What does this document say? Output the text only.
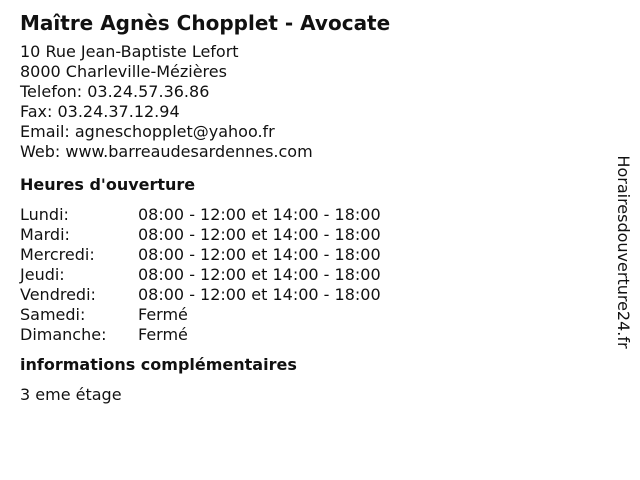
Maître Agnès Chopplet - Avocate
10 Rue Jean-Baptiste Lefort
8000 Charleville-Mézières
Telefon: 03.24.57.36.86
Fax: 03.24.37.12.94
Email: agneschopplet@yahoo.fr
Web: www.barreaudesardennes.com
Heures d'ouverture
Lundi:	08:00 - 12:00 et 14:00 - 18:00
Mardi:	08:00 - 12:00 et 14:00 - 18:00
Mercredi:	08:00 - 12:00 et 14:00 - 18:00
Jeudi:	08:00 - 12:00 et 14:00 - 18:00
Vendredi:	08:00 - 12:00 et 14:00 - 18:00
Samedi:	Fermé
Dimanche:	Fermé
informations complémentaires
3 eme étage
Horairesdouverture24.fr
